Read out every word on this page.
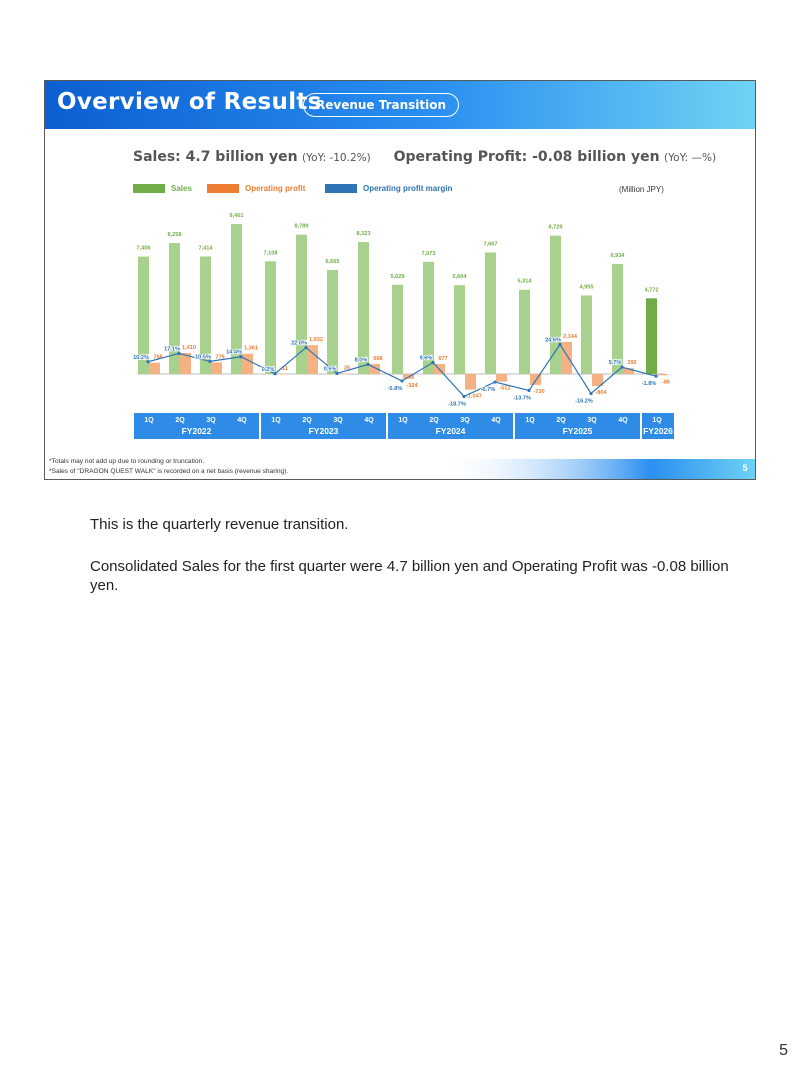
Overview of Results
Revenue Transition
Sales: 4.7 billion yen (YoY: -10.2%) Operating Profit: -0.08 billion yen (YoY: —%)
Sales	Operating profit	Operating profit margin	(Million JPY)
7,406
8,258
7,414
9,461
7,108
8,789
6,565
8,323
5,629
7,073
5,604
7,667
5,314
8,729
4,955
6,934
4,772
758
1,410
779
1,361
11
1,932
35
668
-324
677
-1,047
-512
-730
2,144
-804
392
-86
10.2%
17.1%
10.5%
14.4%
0.2%
22.0%
0.5%
8.0%
-5.8%
9.6%
-18.7%
-6.7%
-13.7%
24.6%
-16.2%
5.7%
-1.8%
1Q	2Q	3Q	4Q
FY2022
1Q	2Q	3Q	4Q
FY2023
1Q	2Q	3Q	4Q
FY2024
1Q	2Q	3Q	4Q
FY2025
1Q
FY2026
5
This is the quarterly revenue transition.
Consolidated Sales for the first quarter were 4.7 billion yen and Operating Profit was -0.08 billion yen.
5
